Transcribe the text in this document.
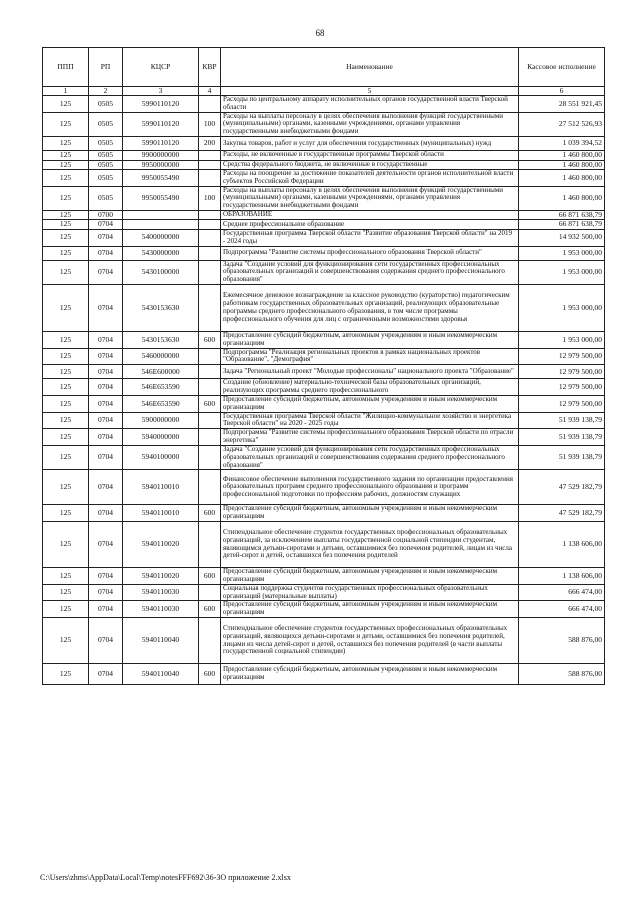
68
ППП	РП	КЦСР	КВР	Наименование	Кассовое исполнение
1	2	3	4	5	6
125	0505	5990110120		Расходы по центральному аппарату исполнительных органов государственной власти Тверской области	28 551 921,45
125	0505	5990110120	100	Расходы на выплаты персоналу в целях обеспечения выполнения функций государственными (муниципальными) органами, казенными учреждениями, органами управления государственными внебюджетными фондами	27 512 526,93
125	0505	5990110120	200	Закупка товаров, работ и услуг для обеспечения государственных (муниципальных) нужд	1 039 394,52
125	0505	9900000000		Расходы, не включенные в государственные программы Тверской области	1 460 800,00
125	0505	9950000000		Средства федерального бюджета, не включенные в государственные	1 460 800,00
125	0505	9950055490		Расходы на поощрение за достижение показателей деятельности органов исполнительной власти субъектов Российской Федерации	1 460 800,00
125	0505	9950055490	100	Расходы на выплаты персоналу в целях обеспечения выполнения функций государственными (муниципальными) органами, казенными учреждениями, органами управления государственными внебюджетными фондами	1 460 800,00
125	0700			ОБРАЗОВАНИЕ	66 871 638,79
125	0704			Среднее профессиональное образование	66 871 638,79
125	0704	5400000000		Государственная программа Тверской области "Развитие образования Тверской области" на 2019 - 2024 годы	14 932 500,00
125	0704	5430000000		Подпрограмма "Развитие системы профессионального образования Тверской области"	1 953 000,00
125	0704	5430100000		Задача "Создание условий для функционирования сети государственных профессиональных образовательных организаций и совершенствования содержания среднего профессионального образования"	1 953 000,00
125	0704	5430153630		Ежемесячное денежное вознаграждение за классное руководство (кураторство) педагогическим работникам государственных образовательных организаций, реализующих образовательные программы среднего профессионального образования, в том числе программы профессионального обучения для лиц с ограниченными возможностями здоровья	1 953 000,00
125	0704	5430153630	600	Предоставление субсидий бюджетным, автономным учреждениям и иным некоммерческим организациям	1 953 000,00
125	0704	5460000000		Подпрограмма "Реализация региональных проектов в рамках национальных проектов "Образование", "Демография"	12 979 500,00
125	0704	546E600000		Задача "Региональный проект "Молодые профессионалы" национального проекта "Образование"	12 979 500,00
125	0704	546E653590		Создание (обновление) материально-технической базы образовательных организаций, реализующих программы среднего профессионального	12 979 500,00
125	0704	546E653590	600	Предоставление субсидий бюджетным, автономным учреждениям и иным некоммерческим организациям	12 979 500,00
125	0704	5900000000		Государственная программа Тверской области "Жилищно-коммунальное хозяйство и энергетика Тверской области" на 2020 - 2025 годы	51 939 138,79
125	0704	5940000000		Подпрограмма "Развитие системы профессионального образования Тверской области по отрасли энергетика"	51 939 138,79
125	0704	5940100000		Задача "Создание условий для функционирования сети государственных профессиональных образовательных организаций и совершенствования содержания среднего профессионального образования"	51 939 138,79
125	0704	5940110010		Финансовое обеспечение выполнения государственного задания по организации предоставления образовательных программ среднего профессионального образования и программ профессиональной подготовки по профессиям рабочих, должностям служащих	47 529 182,79
125	0704	5940110010	600	Предоставление субсидий бюджетным, автономным учреждениям и иным некоммерческим организациям	47 529 182,79
125	0704	5940110020		Стипендиальное обеспечение студентов государственных профессиональных образовательных организаций, за исключением выплаты государственной социальной стипендии студентам, являющимся детьми-сиротами и детьми, оставшимися без попечения родителей, лицам из числа детей-сирот и детей, оставшихся без попечения родителей	1 138 606,00
125	0704	5940110020	600	Предоставление субсидий бюджетным, автономным учреждениям и иным некоммерческим организациям	1 138 606,00
125	0704	5940110030		Социальная поддержка студентов государственных профессиональных образовательных организаций (материальные выплаты)	666 474,00
125	0704	5940110030	600	Предоставление субсидий бюджетным, автономным учреждениям и иным некоммерческим организациям	666 474,00
125	0704	5940110040		Стипендиальное обеспечение студентов государственных профессиональных образовательных организаций, являющихся детьми-сиротами и детьми, оставшимися без попечения родителей, лицами из числа детей-сирот и детей, оставшихся без попечения родителей (в части выплаты государственной социальной стипендии)	588 876,00
125	0704	5940110040	600	Предоставление субсидий бюджетным, автономным учреждениям и иным некоммерческим организациям	588 876,00
C:\Users\zhms\AppData\Local\Temp\notesFFF692\36-ЗО приложение 2.xlsx
